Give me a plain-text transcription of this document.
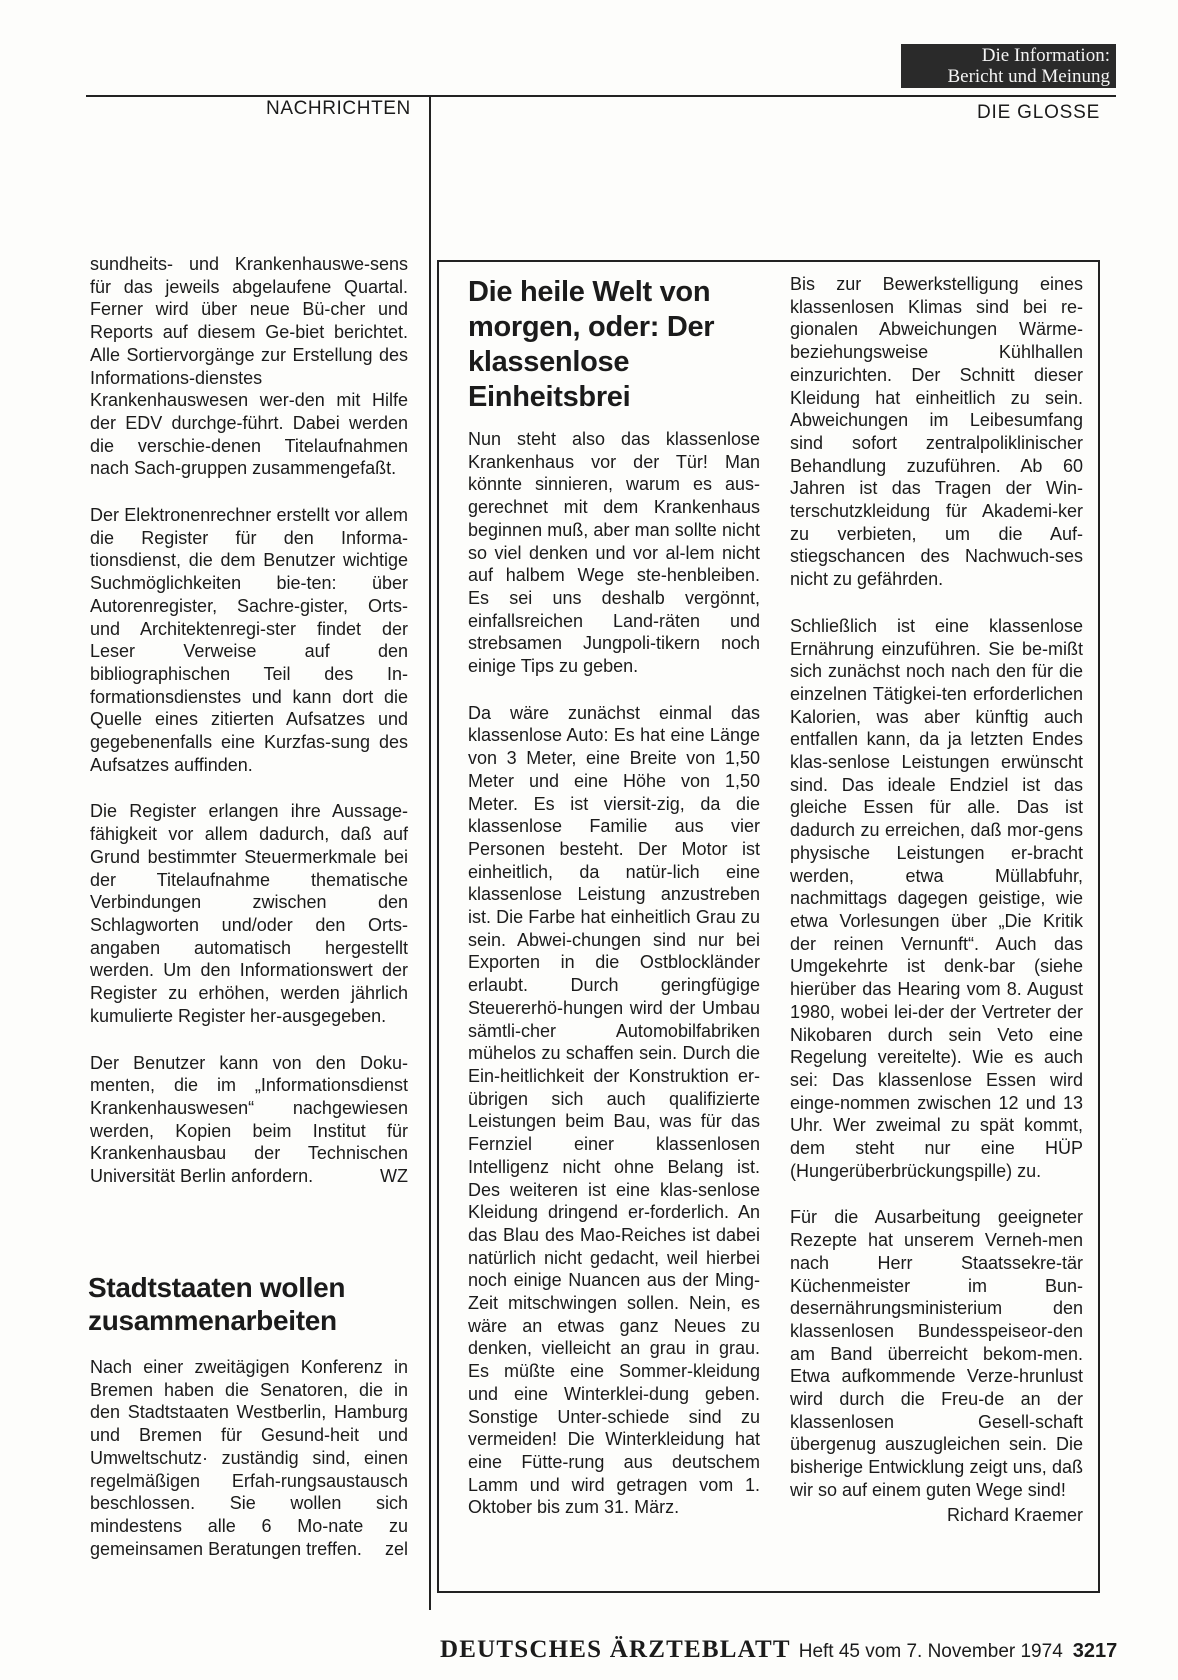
Die Information:
Bericht und Meinung
NACHRICHTEN	DIE GLOSSE

sundheits- und Krankenhauswe-sens für das jeweils abgelaufene Quartal. Ferner wird über neue Bü-cher und Reports auf diesem Ge-biet berichtet. Alle Sortiervorgänge zur Erstellung des Informations-dienstes Krankenhauswesen wer-den mit Hilfe der EDV durchge-führt. Dabei werden die verschie-denen Titelaufnahmen nach Sach-gruppen zusammengefaßt.

Der Elektronenrechner erstellt vor allem die Register für den Informa-tionsdienst, die dem Benutzer wichtige Suchmöglichkeiten bie-ten: über Autorenregister, Sachre-gister, Orts- und Architektenregi-ster findet der Leser Verweise auf den bibliographischen Teil des In-formationsdienstes und kann dort die Quelle eines zitierten Aufsatzes und gegebenenfalls eine Kurzfas-sung des Aufsatzes auffinden.

Die Register erlangen ihre Aussage-fähigkeit vor allem dadurch, daß auf Grund bestimmter Steuermerkmale bei der Titelaufnahme thematische Verbindungen zwischen den Schlagworten und/oder den Orts-angaben automatisch hergestellt werden. Um den Informationswert der Register zu erhöhen, werden jährlich kumulierte Register her-ausgegeben.

Der Benutzer kann von den Doku-menten, die im „Informationsdienst Krankenhauswesen“ nachgewiesen werden, Kopien beim Institut für Krankenhausbau der Technischen Universität Berlin anfordern.	WZ

Stadtstaaten wollen zusammenarbeiten

Nach einer zweitägigen Konferenz in Bremen haben die Senatoren, die in den Stadtstaaten Westberlin, Hamburg und Bremen für Gesund-heit und Umweltschutz· zuständig sind, einen regelmäßigen Erfah-rungsaustausch beschlossen. Sie wollen sich mindestens alle 6 Mo-nate zu gemeinsamen Beratungen treffen. zel

Die heile Welt von morgen, oder: Der klassenlose Einheitsbrei

Nun steht also das klassenlose Krankenhaus vor der Tür! Man könnte sinnieren, warum es aus-gerechnet mit dem Krankenhaus beginnen muß, aber man sollte nicht so viel denken und vor al-lem nicht auf halbem Wege ste-henbleiben. Es sei uns deshalb vergönnt, einfallsreichen Land-räten und strebsamen Jungpoli-tikern noch einige Tips zu geben.

Da wäre zunächst einmal das klassenlose Auto: Es hat eine Länge von 3 Meter, eine Breite von 1,50 Meter und eine Höhe von 1,50 Meter. Es ist viersit-zig, da die klassenlose Familie aus vier Personen besteht. Der Motor ist einheitlich, da natür-lich eine klassenlose Leistung anzustreben ist. Die Farbe hat einheitlich Grau zu sein. Abwei-chungen sind nur bei Exporten in die Ostblockländer erlaubt. Durch geringfügige Steuererhö-hungen wird der Umbau sämtli-cher Automobilfabriken mühelos zu schaffen sein. Durch die Ein-heitlichkeit der Konstruktion er-übrigen sich auch qualifizierte Leistungen beim Bau, was für das Fernziel einer klassenlosen Intelligenz nicht ohne Belang ist. Des weiteren ist eine klas-senlose Kleidung dringend er-forderlich. An das Blau des Mao-Reiches ist dabei natürlich nicht gedacht, weil hierbei noch einige Nuancen aus der Ming-Zeit mitschwingen sollen. Nein, es wäre an etwas ganz Neues zu denken, vielleicht an grau in grau. Es müßte eine Sommer-kleidung und eine Winterklei-dung geben. Sonstige Unter-schiede sind zu vermeiden! Die Winterkleidung hat eine Fütte-rung aus deutschem Lamm und wird getragen vom 1. Oktober bis zum 31. März.

Bis zur Bewerkstelligung eines klassenlosen Klimas sind bei re-gionalen Abweichungen Wärme-beziehungsweise Kühlhallen einzurichten. Der Schnitt dieser Kleidung hat einheitlich zu sein. Abweichungen im Leibesumfang sind sofort zentralpoliklinischer Behandlung zuzuführen. Ab 60 Jahren ist das Tragen der Win-terschutzkleidung für Akademi-ker zu verbieten, um die Auf-stiegschancen des Nachwuch-ses nicht zu gefährden.

Schließlich ist eine klassenlose Ernährung einzuführen. Sie be-mißt sich zunächst noch nach den für die einzelnen Tätigkei-ten erforderlichen Kalorien, was aber künftig auch entfallen kann, da ja letzten Endes klas-senlose Leistungen erwünscht sind. Das ideale Endziel ist das gleiche Essen für alle. Das ist dadurch zu erreichen, daß mor-gens physische Leistungen er-bracht werden, etwa Müllabfuhr, nachmittags dagegen geistige, wie etwa Vorlesungen über „Die Kritik der reinen Vernunft“. Auch das Umgekehrte ist denk-bar (siehe hierüber das Hearing vom 8. August 1980, wobei lei-der der Vertreter der Nikobaren durch sein Veto eine Regelung vereitelte). Wie es auch sei: Das klassenlose Essen wird einge-nommen zwischen 12 und 13 Uhr. Wer zweimal zu spät kommt, dem steht nur eine HÜP (Hungerüberbrückungspille) zu.

Für die Ausarbeitung geeigneter Rezepte hat unserem Verneh-men nach Herr Staatssekre-tär Küchenmeister im Bun-desernährungsministerium den klassenlosen Bundesspeiseor-den am Band überreicht bekom-men. Etwa aufkommende Verze-hrunlust wird durch die Freu-de an der klassenlosen Gesell-schaft übergenug auszugleichen sein. Die bisherige Entwicklung zeigt uns, daß wir so auf einem guten Wege sind!

Richard Kraemer
DEUTSCHES ÄRZTEBLATT Heft 45 vom 7. November 1974 3217
